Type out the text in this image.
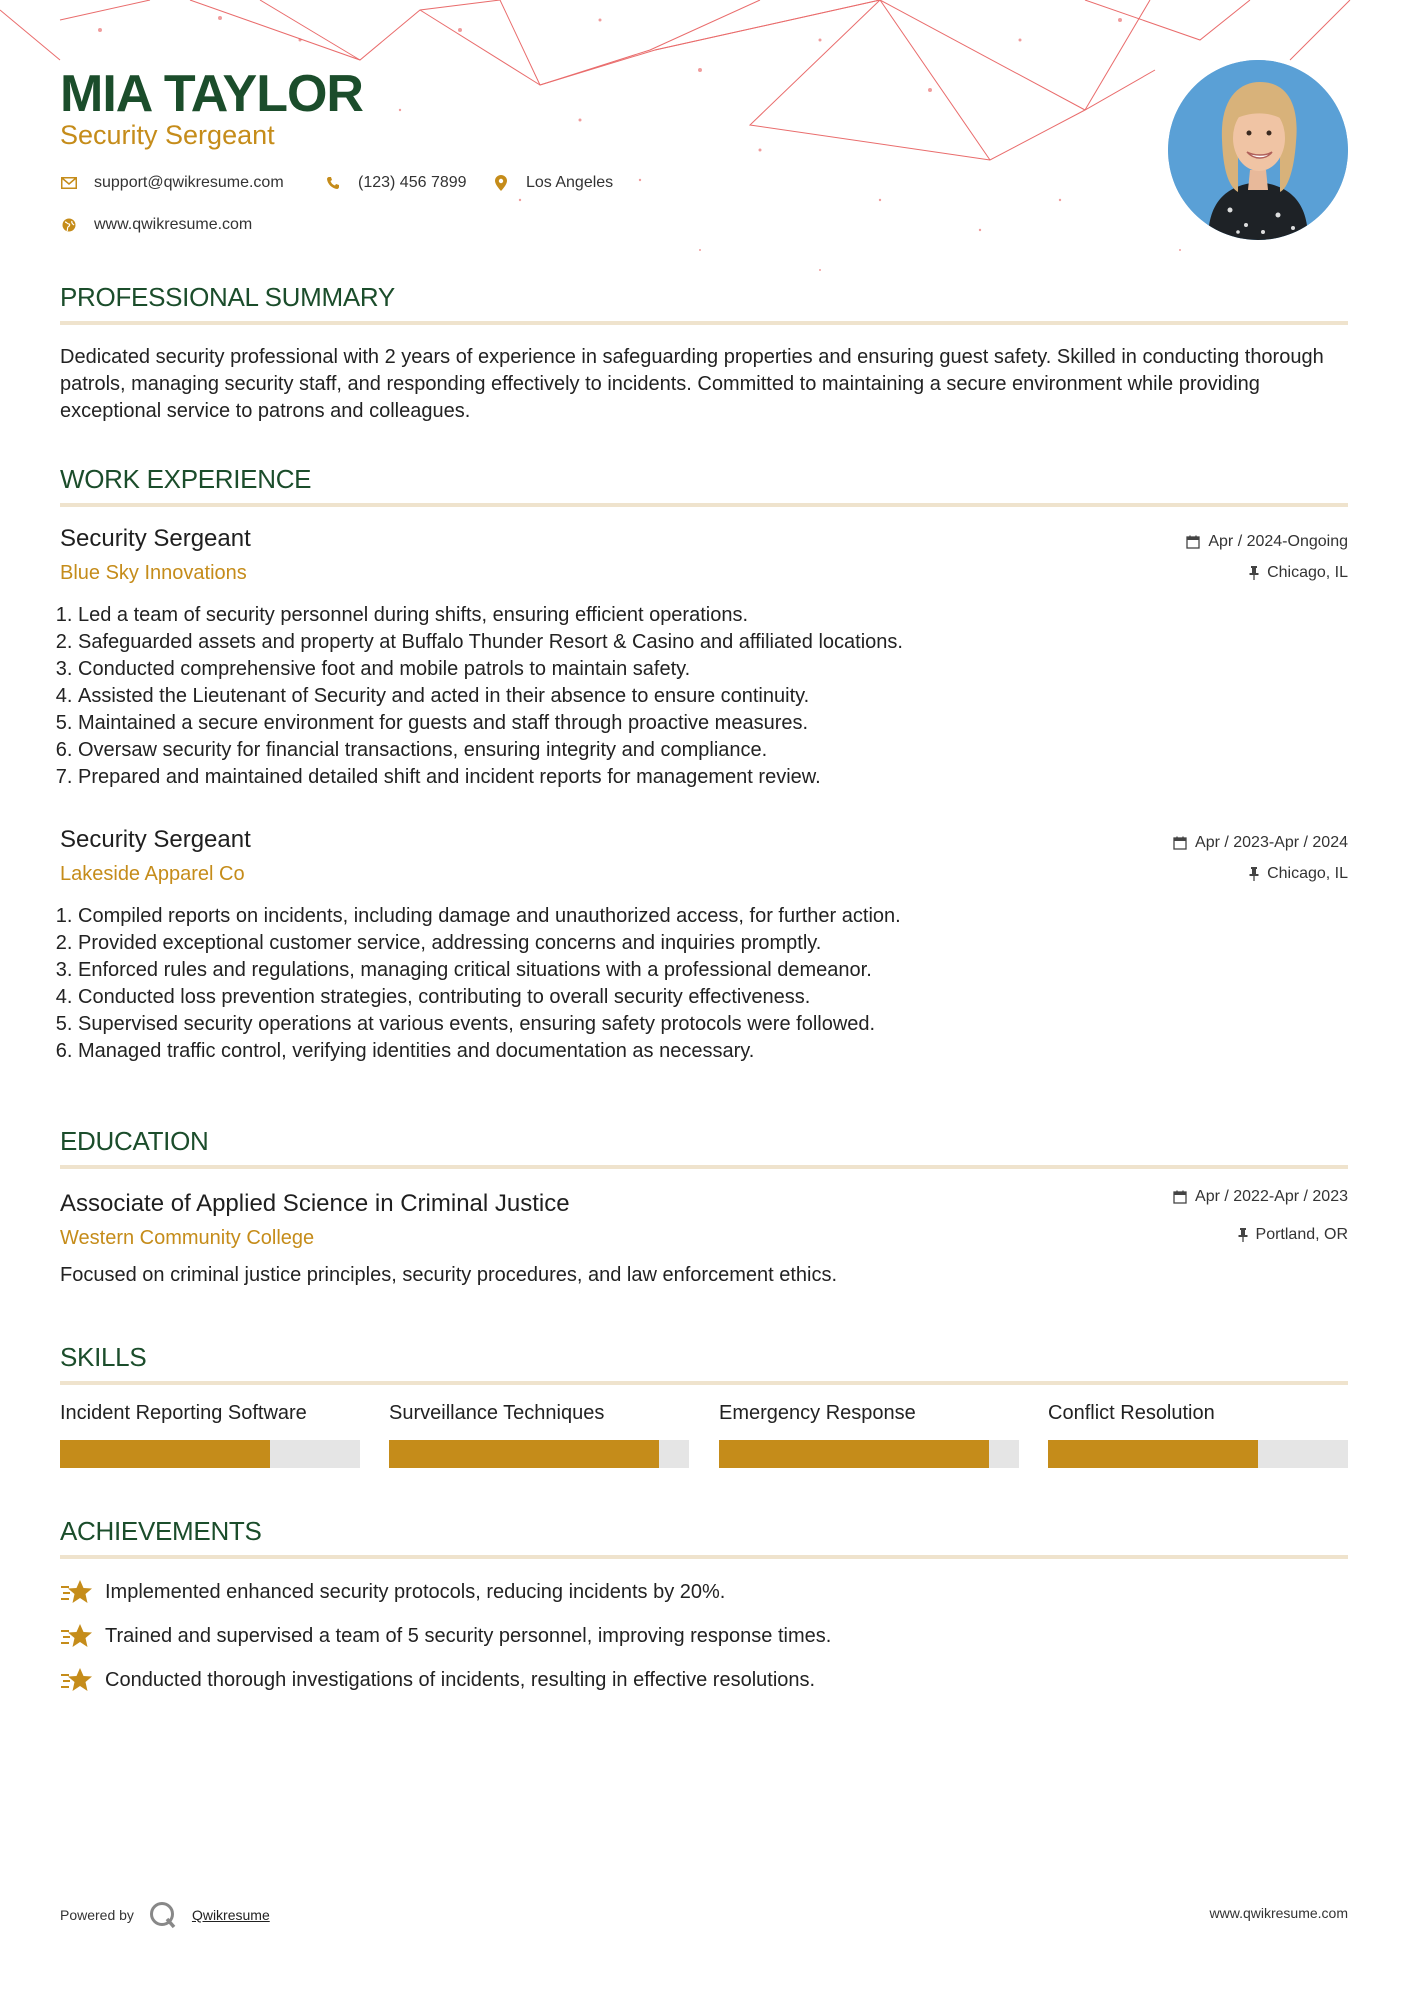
MIA TAYLOR
Security Sergeant
support@qwikresume.com	(123) 456 7899	Los Angeles
www.qwikresume.com
PROFESSIONAL SUMMARY
Dedicated security professional with 2 years of experience in safeguarding properties and ensuring guest safety. Skilled in conducting thorough patrols, managing security staff, and responding effectively to incidents. Committed to maintaining a secure environment while providing exceptional service to patrons and colleagues.
WORK EXPERIENCE
Security Sergeant
Blue Sky Innovations
Apr / 2024-Ongoing
Chicago, IL
1. Led a team of security personnel during shifts, ensuring efficient operations.
2. Safeguarded assets and property at Buffalo Thunder Resort & Casino and affiliated locations.
3. Conducted comprehensive foot and mobile patrols to maintain safety.
4. Assisted the Lieutenant of Security and acted in their absence to ensure continuity.
5. Maintained a secure environment for guests and staff through proactive measures.
6. Oversaw security for financial transactions, ensuring integrity and compliance.
7. Prepared and maintained detailed shift and incident reports for management review.
Security Sergeant
Lakeside Apparel Co
Apr / 2023-Apr / 2024
Chicago, IL
1. Compiled reports on incidents, including damage and unauthorized access, for further action.
2. Provided exceptional customer service, addressing concerns and inquiries promptly.
3. Enforced rules and regulations, managing critical situations with a professional demeanor.
4. Conducted loss prevention strategies, contributing to overall security effectiveness.
5. Supervised security operations at various events, ensuring safety protocols were followed.
6. Managed traffic control, verifying identities and documentation as necessary.
EDUCATION
Associate of Applied Science in Criminal Justice
Western Community College
Apr / 2022-Apr / 2023
Portland, OR
Focused on criminal justice principles, security procedures, and law enforcement ethics.
SKILLS
Incident Reporting Software	Surveillance Techniques	Emergency Response	Conflict Resolution
ACHIEVEMENTS
Implemented enhanced security protocols, reducing incidents by 20%.
Trained and supervised a team of 5 security personnel, improving response times.
Conducted thorough investigations of incidents, resulting in effective resolutions.
Powered by	Qwikresume	www.qwikresume.com
